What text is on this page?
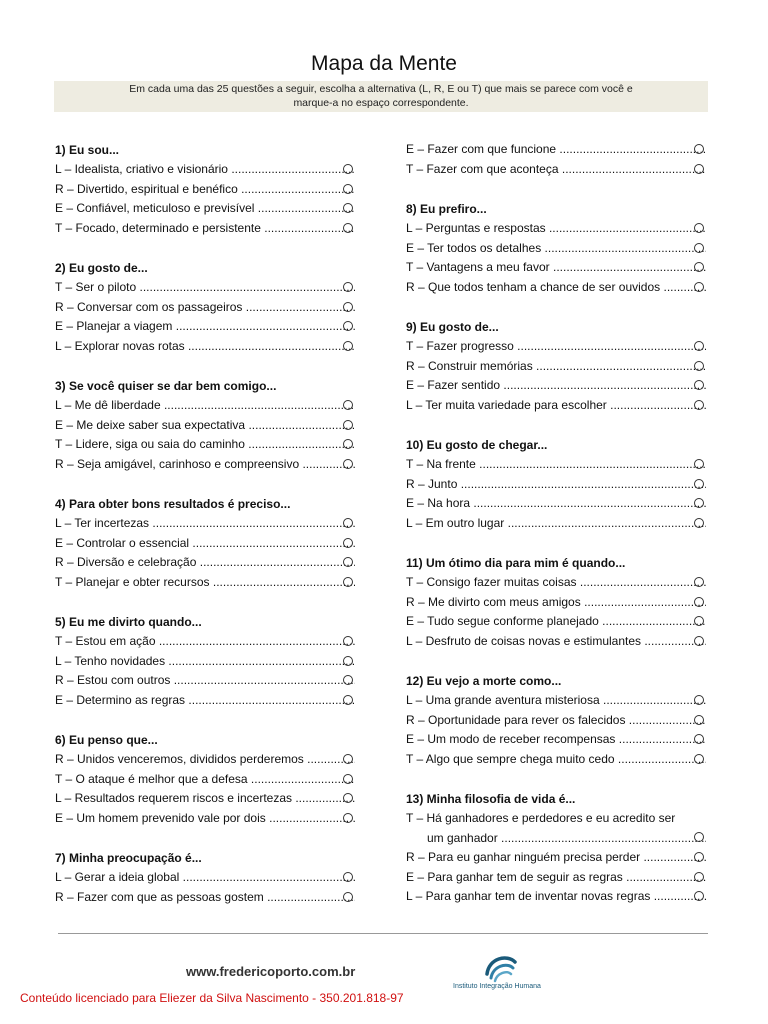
Mapa da Mente
Em cada uma das 25 questões a seguir, escolha a alternativa (L, R, E ou T) que mais se parece com você e
marque-a no espaço correspondente.
1) Eu sou...
L – Idealista, criativo e visionário .....
R – Divertido, espiritual e benéfico .....
E – Confiável, meticuloso e previsível .....
T – Focado, determinado e persistente .....
2) Eu gosto de...
T – Ser o piloto .....
R – Conversar com os passageiros .....
E – Planejar a viagem .....
L – Explorar novas rotas .....
3) Se você quiser se dar bem comigo...
L – Me dê liberdade .....
E – Me deixe saber sua expectativa .....
T – Lidere, siga ou saia do caminho .....
R – Seja amigável, carinhoso e compreensivo .....
4) Para obter bons resultados é preciso...
L – Ter incertezas .....
E – Controlar o essencial .....
R – Diversão e celebração .....
T – Planejar e obter recursos .....
5) Eu me divirto quando...
T – Estou em ação .....
L – Tenho novidades .....
R – Estou com outros .....
E – Determino as regras .....
6) Eu penso que...
R – Unidos venceremos, divididos perderemos .....
T – O ataque é melhor que a defesa .....
L – Resultados requerem riscos e incertezas .....
E – Um homem prevenido vale por dois .....
7) Minha preocupação é...
L – Gerar a ideia global .....
R – Fazer com que as pessoas gostem .....
E – Fazer com que funcione .....
T – Fazer com que aconteça .....
8) Eu prefiro...
L – Perguntas e respostas .....
E – Ter todos os detalhes .....
T – Vantagens a meu favor .....
R – Que todos tenham a chance de ser ouvidos .....
9) Eu gosto de...
T – Fazer progresso .....
R – Construir memórias .....
E – Fazer sentido .....
L – Ter muita variedade para escolher .....
10) Eu gosto de chegar...
T – Na frente .....
R – Junto .....
E – Na hora .....
L – Em outro lugar .....
11) Um ótimo dia para mim é quando...
T – Consigo fazer muitas coisas .....
R – Me divirto com meus amigos .....
E – Tudo segue conforme planejado .....
L – Desfruto de coisas novas e estimulantes .....
12) Eu vejo a morte como...
L – Uma grande aventura misteriosa .....
R – Oportunidade para rever os falecidos .....
E – Um modo de receber recompensas .....
T – Algo que sempre chega muito cedo .....
13) Minha filosofia de vida é...
T – Há ganhadores e perdedores e eu acredito ser
um ganhador .....
R – Para eu ganhar ninguém precisa perder .....
E – Para ganhar tem de seguir as regras .....
L – Para ganhar tem de inventar novas regras .....
www.fredericoporto.com.br
Instituto Integração Humana
Conteúdo licenciado para Eliezer da Silva Nascimento - 350.201.818-97
